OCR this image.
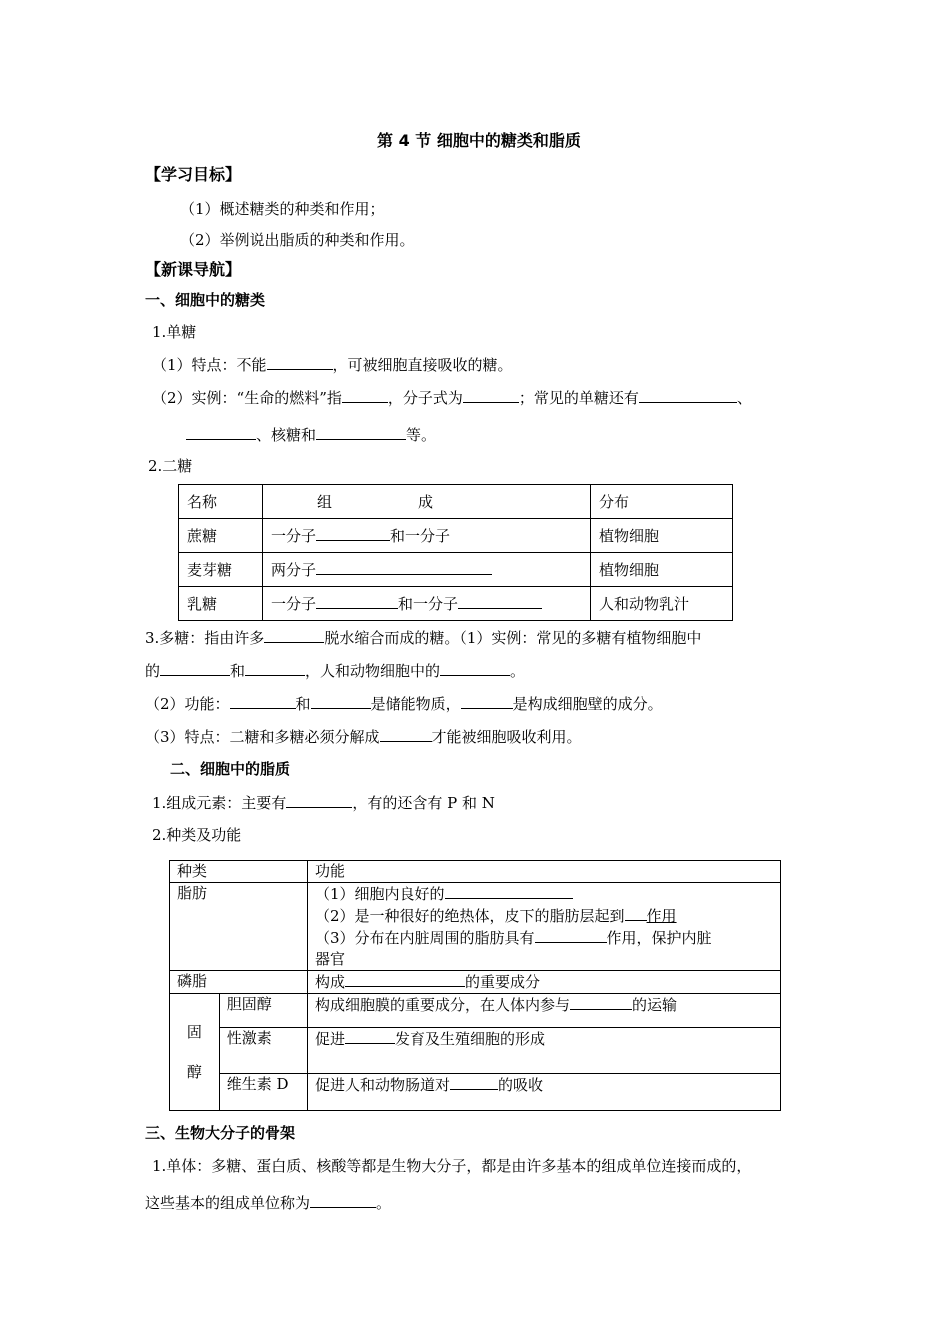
第 4 节 细胞中的糖类和脂质
【学习目标】
（1）概述糖类的种类和作用；
（2）举例说出脂质的种类和作用。
【新课导航】
一、细胞中的糖类
1.单糖
（1）特点：不能	，可被细胞直接吸收的糖。
（2）实例：“生命的燃料”指	，分子式为	；常见的单糖还有	、
、核糖和	等。
2.二糖
名称	组 成	分布
蔗糖	一分子 和一分子	植物细胞
麦芽糖	两分子	植物细胞
乳糖	一分子 和一分子	人和动物乳汁
3.多糖：指由许多	脱水缩合而成的糖。（1）实例：常见的多糖有植物细胞中
的	和	，人和动物细胞中的	。
（2）功能：	和	是储能物质，	是构成细胞壁的成分。
（3）特点：二糖和多糖必须分解成	才能被细胞吸收利用。
二、细胞中的脂质
1.组成元素：主要有	，有的还含有 P 和 N
2.种类及功能
种类		功能
脂肪		（1）细胞内良好的
（2）是一种很好的绝热体，皮下的脂肪层起到 作用
（3）分布在内脏周围的脂肪具有 作用，保护内脏
器官

磷脂		构成 的重要成分

固
醇	胆固醇	构成细胞膜的重要成分，在人体内参与 的运输
	性激素	促进 发育及生殖细胞的形成
	维生素 D	促进人和动物肠道对 的吸收
三、生物大分子的骨架
1.单体：多糖、蛋白质、核酸等都是生物大分子，都是由许多基本的组成单位连接而成的，
这些基本的组成单位称为	。
